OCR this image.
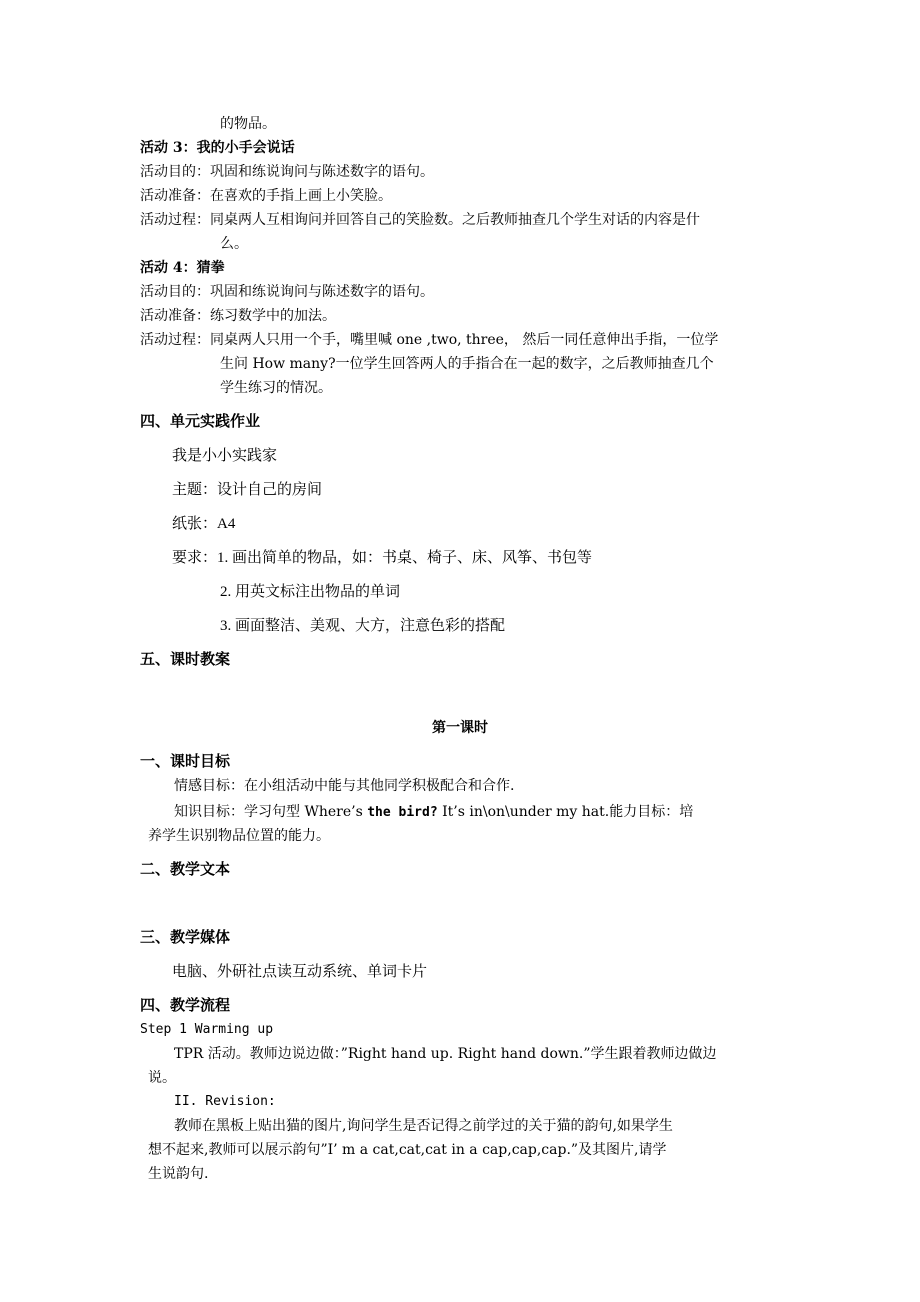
的物品。
活动 3：我的小手会说话
活动目的：巩固和练说询问与陈述数字的语句。
活动准备：在喜欢的手指上画上小笑脸。
活动过程：同桌两人互相询问并回答自己的笑脸数。之后教师抽查几个学生对话的内容是什
么。
活动 4：猜拳
活动目的：巩固和练说询问与陈述数字的语句。
活动准备：练习数学中的加法。
活动过程：同桌两人只用一个手，嘴里喊 one ,two, three， 然后一同任意伸出手指，一位学
生问 How many?一位学生回答两人的手指合在一起的数字，之后教师抽查几个
学生练习的情况。
四、单元实践作业
我是小小实践家
主题：设计自己的房间
纸张：A4
要求：1. 画出简单的物品，如：书桌、椅子、床、风筝、书包等
2. 用英文标注出物品的单词
3. 画面整洁、美观、大方，注意色彩的搭配
五、课时教案
第一课时
一、课时目标
情感目标：在小组活动中能与其他同学积极配合和合作.
知识目标：学习句型 Where’s the bird? It’s in\on\under my hat.能力目标：培
养学生识别物品位置的能力。
二、教学文本
三、教学媒体
电脑、外研社点读互动系统、单词卡片
四、教学流程
Step 1 Warming up
TPR 活动。教师边说边做：”Right hand up. Right hand down.”学生跟着教师边做边
说。
II. Revision:
教师在黑板上贴出猫的图片,询问学生是否记得之前学过的关于猫的韵句,如果学生
想不起来,教师可以展示韵句”I’ m a cat,cat,cat in a cap,cap,cap.”及其图片,请学
生说韵句.
